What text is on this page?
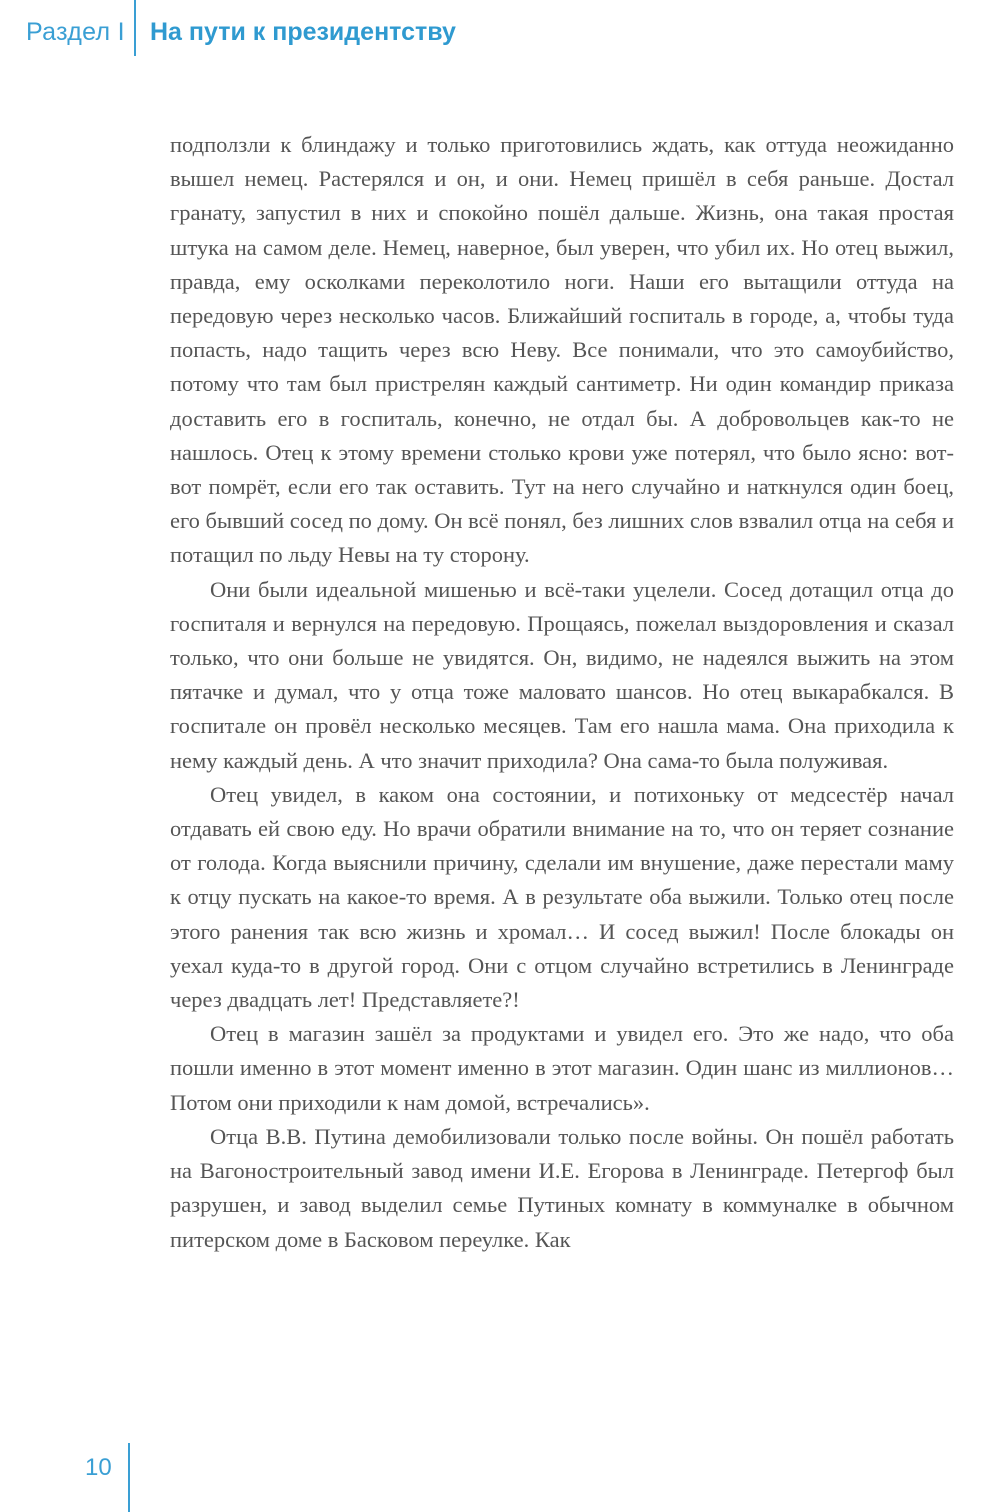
Раздел I На пути к президентству

подползли к блиндажу и только приготовились ждать, как оттуда неожиданно вышел немец. Растерялся и он, и они. Немец пришёл в себя раньше. Достал гранату, запустил в них и спокойно пошёл дальше. Жизнь, она такая простая штука на самом деле. Немец, наверное, был уверен, что убил их. Но отец выжил, правда, ему осколками переколотило ноги. Наши его вытащили оттуда на передовую через несколько часов. Ближайший госпиталь в городе, а, чтобы туда попасть, надо тащить через всю Неву. Все понимали, что это самоубийство, потому что там был пристрелян каждый сантиметр. Ни один командир приказа доставить его в госпиталь, конечно, не отдал бы. А добровольцев как-то не нашлось. Отец к этому времени столько крови уже потерял, что было ясно: вот-вот помрёт, если его так оставить. Тут на него случайно и наткнулся один боец, его бывший сосед по дому. Он всё понял, без лишних слов взвалил отца на себя и потащил по льду Невы на ту сторону.

Они были идеальной мишенью и всё-таки уцелели. Сосед дотащил отца до госпиталя и вернулся на передовую. Прощаясь, пожелал выздоровления и сказал только, что они больше не увидятся. Он, видимо, не надеялся выжить на этом пятачке и думал, что у отца тоже маловато шансов. Но отец выкарабкался. В госпитале он провёл несколько месяцев. Там его нашла мама. Она приходила к нему каждый день. А что значит приходила? Она сама-то была полуживая.

Отец увидел, в каком она состоянии, и потихоньку от медсестёр начал отдавать ей свою еду. Но врачи обратили внимание на то, что он теряет сознание от голода. Когда выяснили причину, сделали им внушение, даже перестали маму к отцу пускать на какое-то время. А в результате оба выжили. Только отец после этого ранения так всю жизнь и хромал… И сосед выжил! После блокады он уехал куда-то в другой город. Они с отцом случайно встретились в Ленинграде через двадцать лет! Представляете?!

Отец в магазин зашёл за продуктами и увидел его. Это же надо, что оба пошли именно в этот момент именно в этот магазин. Один шанс из миллионов… Потом они приходили к нам домой, встречались».

Отца В.В. Путина демобилизовали только после войны. Он пошёл работать на Вагоностроительный завод имени И.Е. Егорова в Ленинграде. Петергоф был разрушен, и завод выделил семье Путиных комнату в коммуналке в обычном питерском доме в Басковом переулке. Как

10
